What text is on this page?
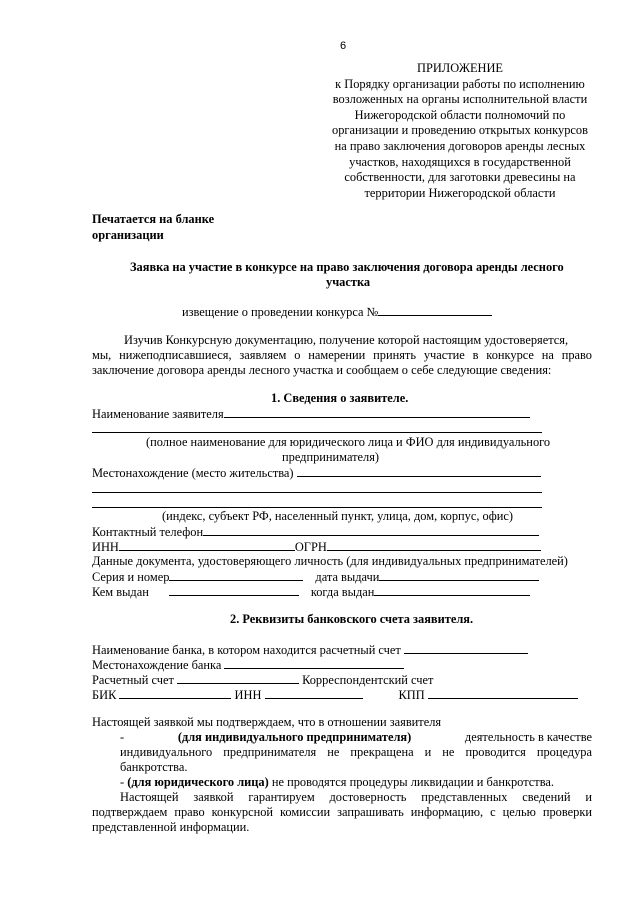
6
ПРИЛОЖЕНИЕ
к Порядку организации работы по исполнению
возложенных на органы исполнительной власти
Нижегородской области полномочий по
организации и проведению открытых конкурсов
на право заключения договоров аренды лесных
участков, находящихся в государственной
собственности, для заготовки древесины на
территории Нижегородской области
Печатается на бланке
организации
Заявка на участие в конкурсе на право заключения договора аренды лесного
участка
извещение о проведении конкурса №
Изучив Конкурсную документацию, получение которой настоящим удостоверяется,
мы, нижеподписавшиеся, заявляем о намерении принять участие в конкурсе на право
заключение договора аренды лесного участка и сообщаем о себе следующие сведения:
1. Сведения о заявителе.
Наименование заявителя
(полное наименование для юридического лица и ФИО для индивидуального
предпринимателя)
Местонахождение (место жительства)
(индекс, субъект РФ, населенный пункт, улица, дом, корпус, офис)
Контактный телефон
ИНН	ОГРН
Данные документа, удостоверяющего личность (для индивидуальных предпринимателей)
Серия и номер	дата выдачи
Кем выдан	когда выдан
2. Реквизиты банковского счета заявителя.
Наименование банка, в котором находится расчетный счет
Местонахождение банка
Расчетный счет	Корреспондентский счет
БИК	ИНН	КПП
Настоящей заявкой мы подтверждаем, что в отношении заявителя
-	(для индивидуального предпринимателя)	деятельность в качестве
индивидуального предпринимателя не прекращена и не проводится процедура
банкротства.
- (для юридического лица) не проводятся процедуры ликвидации и банкротства.
Настоящей заявкой гарантируем достоверность представленных сведений и
подтверждаем право конкурсной комиссии запрашивать информацию, с целью проверки
представленной информации.
